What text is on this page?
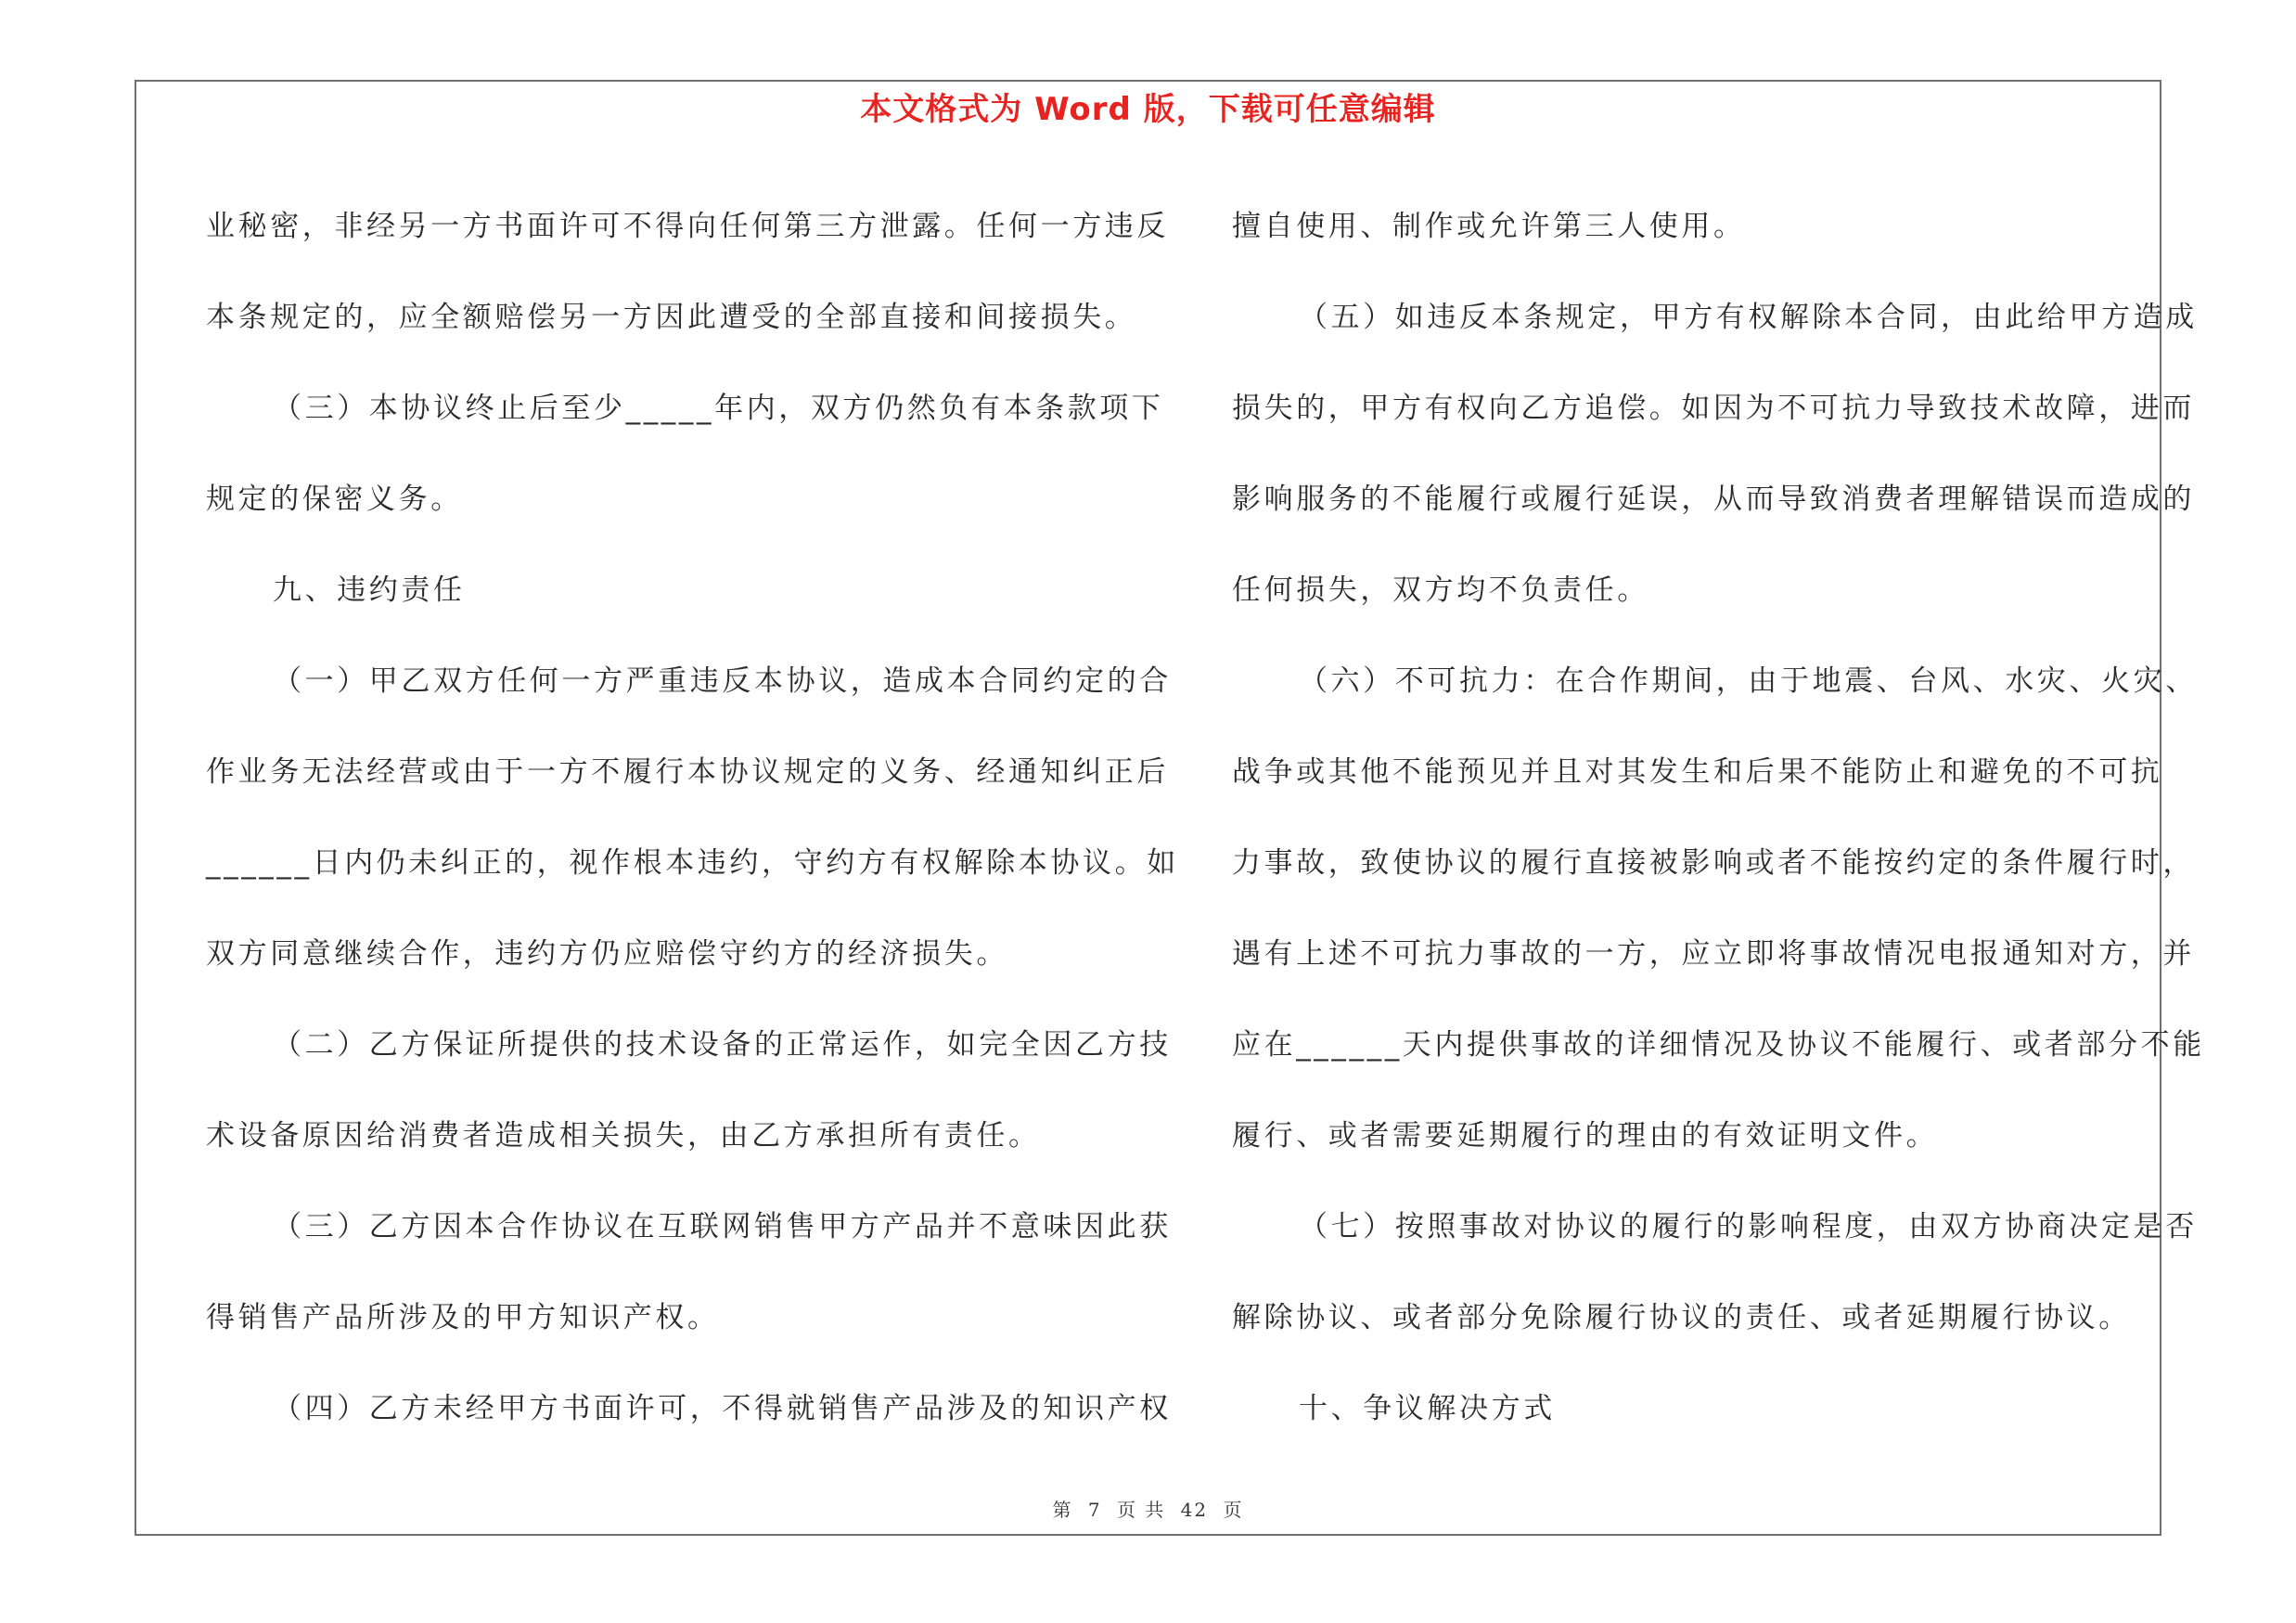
本文格式为 Word 版，下载可任意编辑

业秘密，非经另一方书面许可不得向任何第三方泄露。任何一方违反

本条规定的，应全额赔偿另一方因此遭受的全部直接和间接损失。

（三）本协议终止后至少_____年内，双方仍然负有本条款项下

规定的保密义务。

九、违约责任

（一）甲乙双方任何一方严重违反本协议，造成本合同约定的合

作业务无法经营或由于一方不履行本协议规定的义务、经通知纠正后

______日内仍未纠正的，视作根本违约，守约方有权解除本协议。如

双方同意继续合作，违约方仍应赔偿守约方的经济损失。

（二）乙方保证所提供的技术设备的正常运作，如完全因乙方技

术设备原因给消费者造成相关损失，由乙方承担所有责任。

（三）乙方因本合作协议在互联网销售甲方产品并不意味因此获

得销售产品所涉及的甲方知识产权。

（四）乙方未经甲方书面许可，不得就销售产品涉及的知识产权

擅自使用、制作或允许第三人使用。

（五）如违反本条规定，甲方有权解除本合同，由此给甲方造成

损失的，甲方有权向乙方追偿。如因为不可抗力导致技术故障，进而

影响服务的不能履行或履行延误，从而导致消费者理解错误而造成的

任何损失，双方均不负责任。

（六）不可抗力：在合作期间，由于地震、台风、水灾、火灾、

战争或其他不能预见并且对其发生和后果不能防止和避免的不可抗

力事故，致使协议的履行直接被影响或者不能按约定的条件履行时，

遇有上述不可抗力事故的一方，应立即将事故情况电报通知对方，并

应在______天内提供事故的详细情况及协议不能履行、或者部分不能

履行、或者需要延期履行的理由的有效证明文件。

（七）按照事故对协议的履行的影响程度，由双方协商决定是否

解除协议、或者部分免除履行协议的责任、或者延期履行协议。

十、争议解决方式

第 7 页 共 42 页
